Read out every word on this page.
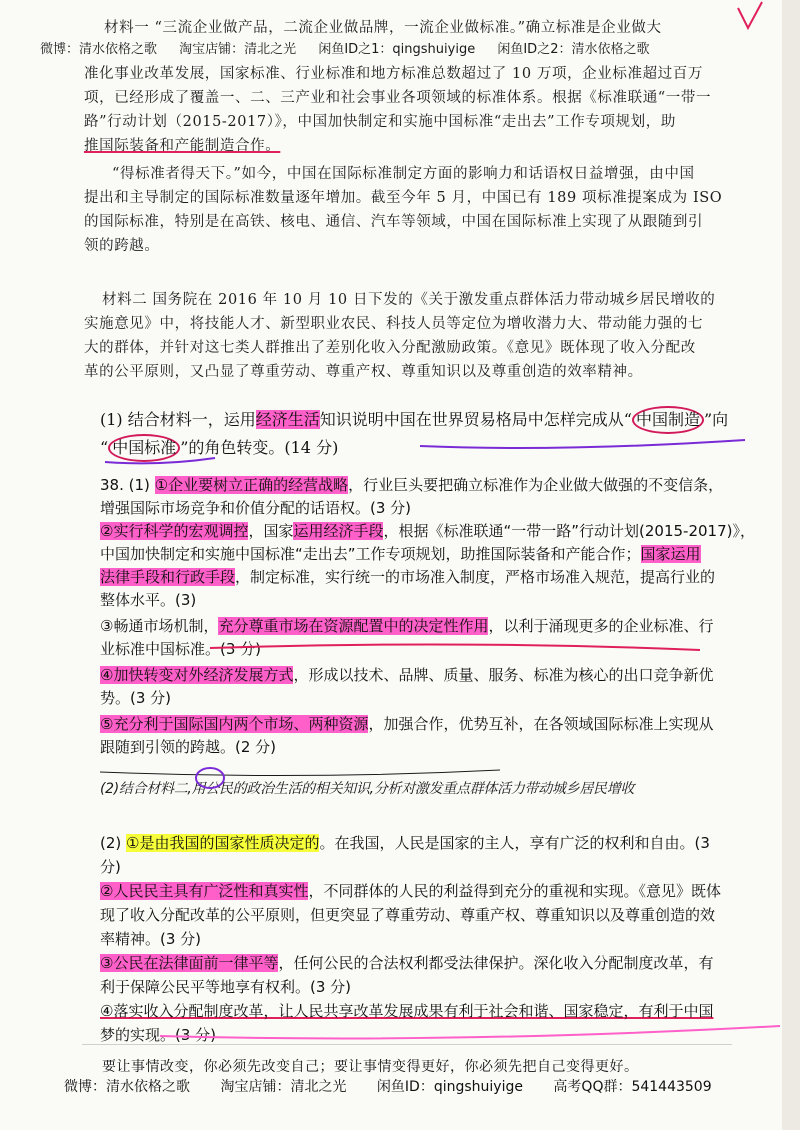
微博：清水依格之歌 淘宝店铺：清北之光 闲鱼ID之1：qingshuiyige 闲鱼ID之2：清水依格之歌

材料一 “三流企业做产品，二流企业做品牌，一流企业做标准。”确立标准是企业做大

准化事业改革发展，国家标准、行业标准和地方标准总数超过了 10 万项，企业标准超过百万

项，已经形成了覆盖一、二、三产业和社会事业各项领域的标准体系。根据《标准联通“一带一

路”行动计划（2015-2017）》，中国加快制定和实施中国标准“走出去”工作专项规划，助

推国际装备和产能制造合作。

“得标准者得天下。”如今，中国在国际标准制定方面的影响力和话语权日益增强，由中国

提出和主导制定的国际标准数量逐年增加。截至今年 5 月，中国已有 189 项标准提案成为 ISO

的国际标准，特别是在高铁、核电、通信、汽车等领域，中国在国际标准上实现了从跟随到引

领的跨越。

材料二 国务院在 2016 年 10 月 10 日下发的《关于激发重点群体活力带动城乡居民增收的

实施意见》中，将技能人才、新型职业农民、科技人员等定位为增收潜力大、带动能力强的七

大的群体，并针对这七类人群推出了差别化收入分配激励政策。《意见》既体现了收入分配改

革的公平原则，又凸显了尊重劳动、尊重产权、尊重知识以及尊重创造的效率精神。

(1) 结合材料一，运用经济生活知识说明中国在世界贸易格局中怎样完成从“ 中国制造 ”向
“ 中国标准 ”的角色转变。(14 分)

38. (1) ①企业要树立正确的经营战略，行业巨头要把确立标准作为企业做大做强的不变信条，

增强国际市场竞争和价值分配的话语权。(3 分)

②实行科学的宏观调控，国家运用经济手段，根据《标准联通“一带一路”行动计划(2015-2017)》，

中国加快制定和实施中国标准“走出去”工作专项规划，助推国际装备和产能合作；国家运用

法律手段和行政手段，制定标准，实行统一的市场准入制度，严格市场准入规范，提高行业的

整体水平。(3)

③畅通市场机制，充分尊重市场在资源配置中的决定性作用，以利于涌现更多的企业标准、行

业标准中国标准。(3 分)

④加快转变对外经济发展方式，形成以技术、品牌、质量、服务、标准为核心的出口竞争新优

势。(3 分)

⑤充分利于国际国内两个市场、两种资源，加强合作，优势互补，在各领域国际标准上实现从

跟随到引领的跨越。(2 分)

(2)结合材料二,用公民的政治生活的相关知识,分析对激发重点群体活力带动城乡居民增收

(2) ①是由我国的国家性质决定的。在我国，人民是国家的主人，享有广泛的权利和自由。(3

分)

②人民民主具有广泛性和真实性，不同群体的人民的利益得到充分的重视和实现。《意见》既体

现了收入分配改革的公平原则，但更突显了尊重劳动、尊重产权、尊重知识以及尊重创造的效

率精神。(3 分)

③公民在法律面前一律平等，任何公民的合法权利都受法律保护。深化收入分配制度改革，有

利于保障公民平等地享有权利。(3 分)

④落实收入分配制度改革，让人民共享改革发展成果有利于社会和谐、国家稳定，有利于中国

梦的实现。(3 分)

要让事情改变，你必须先改变自己；要让事情变得更好，你必须先把自己变得更好。
微博：清水依格之歌 淘宝店铺：清北之光 闲鱼ID：qingshuiyige 高考QQ群：541443509
